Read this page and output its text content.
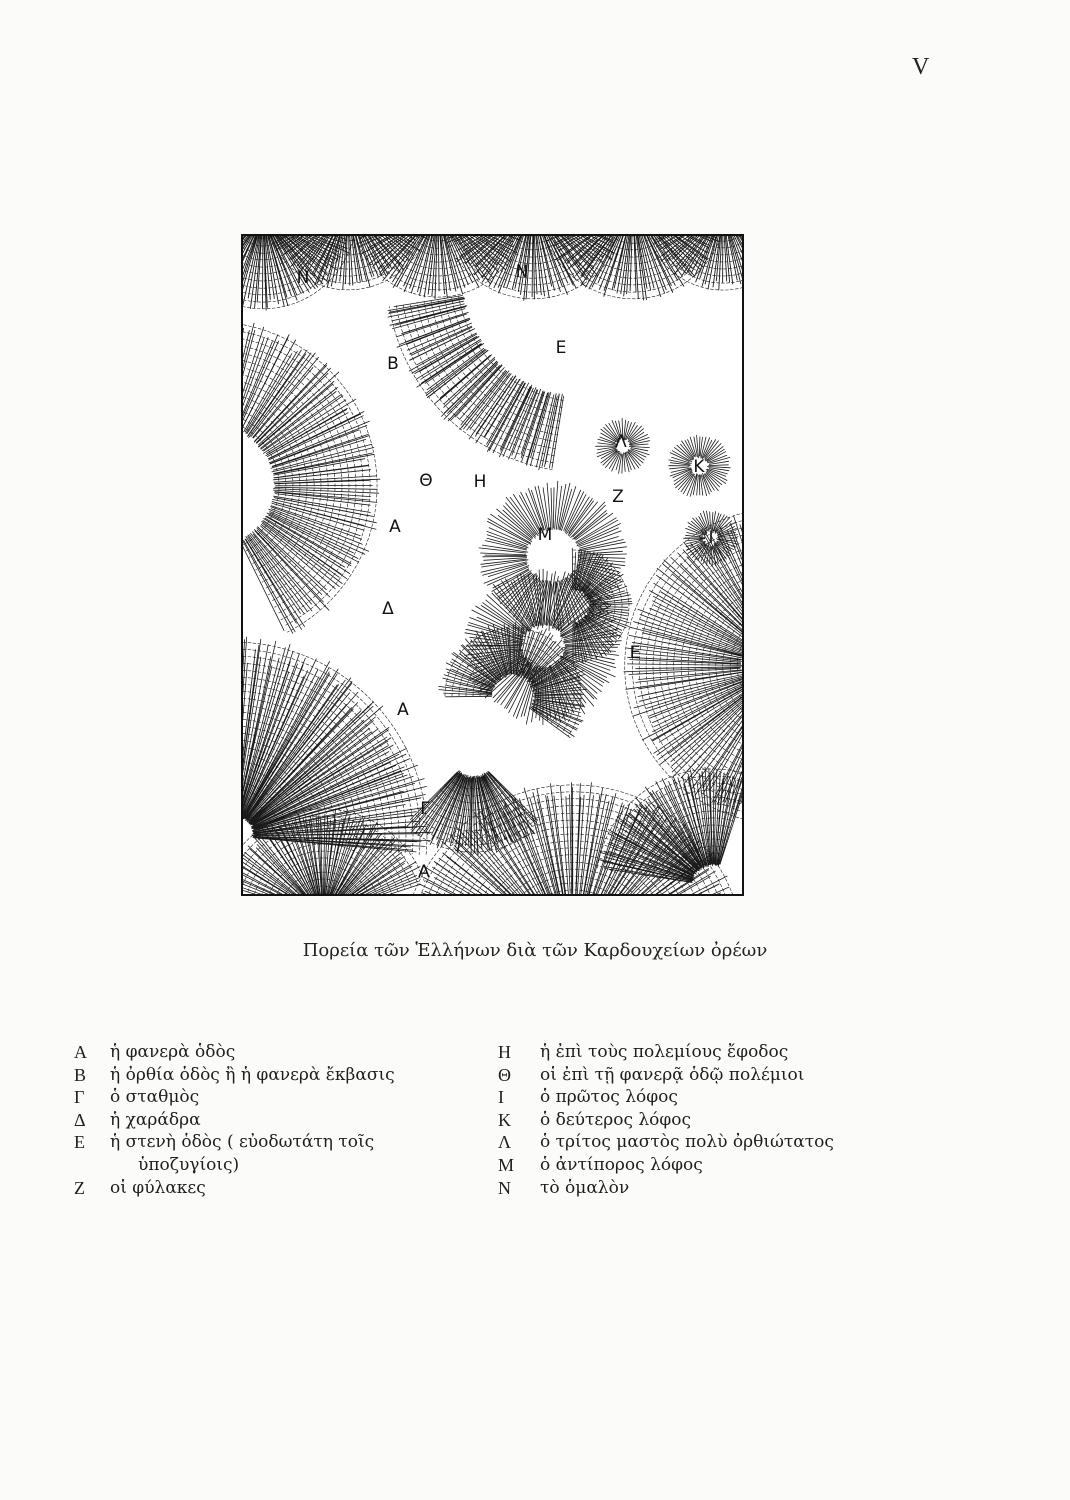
V
Ν	Ν
Β
Ε
Λ
Κ
Θ Η
Ζ
Α	Μ	Ι
Δ
Ε
Α
Γ
Α
Πορεία τῶν Ἑλλήνων διὰ τῶν Καρδουχείων ὀρέων
Α	ἡ φανερὰ ὁδὸς
Β	ἡ ὀρθία ὁδὸς ἢ ἡ φανερὰ ἔκβασις
Γ	ὁ σταθμὸς
Δ	ἡ χαράδρα
Ε	ἡ στενὴ ὁδὸς ( εὐοδωτάτη τοῖς
ὑποζυγίοις)
Ζ	οἱ φύλακες
Η	ἡ ἐπὶ τοὺς πολεμίους ἔφοδος
Θ	οἱ ἐπὶ τῇ φανερᾷ ὁδῷ πολέμιοι
Ι	ὁ πρῶτος λόφος
Κ	ὁ δεύτερος λόφος
Λ	ὁ τρίτος μαστὸς πολὺ ὀρθιώτατος
Μ	ὁ ἀντίπορος λόφος
Ν	τὸ ὁμαλὸν
